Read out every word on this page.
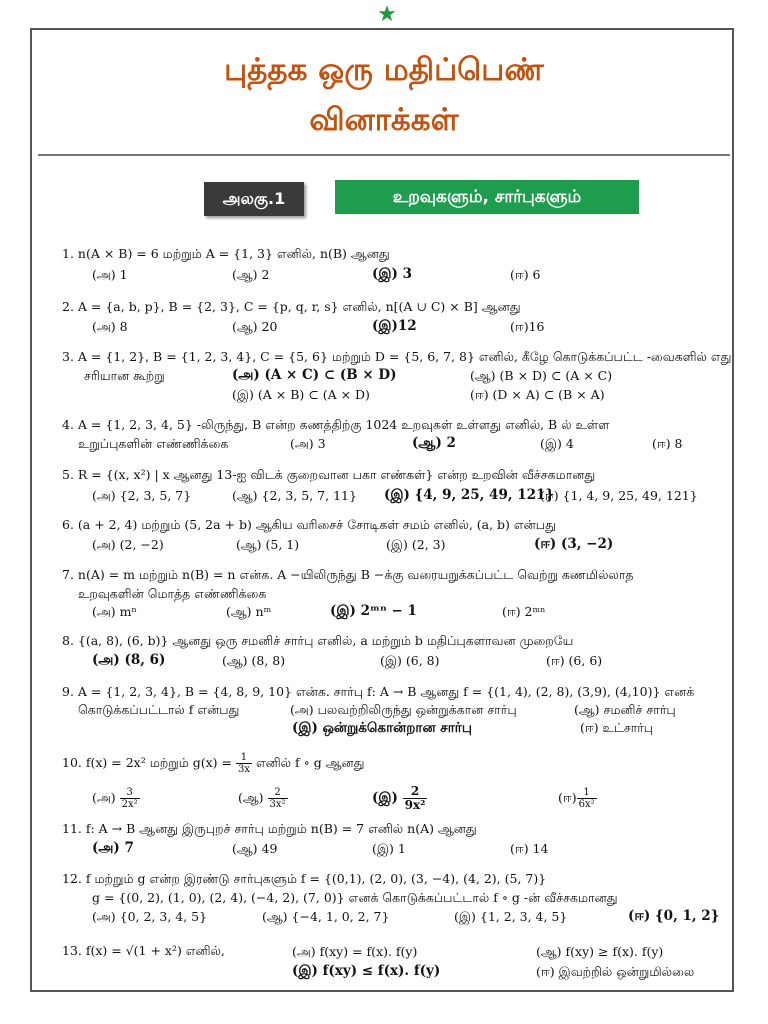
★
புத்தக ஒரு மதிப்பெண்
வினாக்கள்
அலகு.1	உறவுகளும், சார்புகளும்
1. n(A × B) = 6 மற்றும் A = {1, 3} எனில், n(B) ஆனது
(அ) 1	(ஆ) 2	(இ) 3	(ஈ) 6
2. A = {a, b, p}, B = {2, 3}, C = {p, q, r, s} எனில், n[(A ∪ C) × B] ஆனது
(அ) 8	(ஆ) 20	(இ)12	(ஈ)16
3. A = {1, 2}, B = {1, 2, 3, 4}, C = {5, 6} மற்றும் D = {5, 6, 7, 8} எனில், கீழே கொடுக்கப்பட்ட -வைகளில் எது
சரியான கூற்று	(அ) (A × C) ⊂ (B × D)	(ஆ) (B × D) ⊂ (A × C)
(இ) (A × B) ⊂ (A × D)	(ஈ) (D × A) ⊂ (B × A)
4. A = {1, 2, 3, 4, 5} -லிருந்து, B என்ற கணத்திற்கு 1024 உறவுகள் உள்ளது எனில், B ல் உள்ள
உறுப்புகளின் எண்ணிக்கை	(அ) 3	(ஆ) 2	(இ) 4	(ஈ) 8
5. R = {(x, x²) | x ஆனது 13-ஐ விடக் குறைவான பகா எண்கள்} என்ற உறவின் வீச்சகமானது
(அ) {2, 3, 5, 7}	(ஆ) {2, 3, 5, 7, 11} (இ) {4, 9, 25, 49, 121}
(ஈ) {1, 4, 9, 25, 49, 121}
6. (a + 2, 4) மற்றும் (5, 2a + b) ஆகிய வரிசைச் சோடிகள் சமம் எனில், (a, b) என்பது
(அ) (2, −2)	(ஆ) (5, 1)	(இ) (2, 3)	(ஈ) (3, −2)
7. n(A) = m மற்றும் n(B) = n என்க. A −யிலிருந்து B −க்கு வரையறுக்கப்பட்ட வெற்று கணமில்லாத
உறவுகளின் மொத்த எண்ணிக்கை
(அ) mⁿ	(ஆ) nᵐ	(இ) 2ᵐⁿ − 1	(ஈ) 2ᵐⁿ
8. {(a, 8), (6, b)} ஆனது ஒரு சமனிச் சார்பு எனில், a மற்றும் b மதிப்புகளாவன முறையே
(அ) (8, 6)	(ஆ) (8, 8)	(இ) (6, 8)	(ஈ) (6, 6)
9. A = {1, 2, 3, 4}, B = {4, 8, 9, 10} என்க. சார்பு f: A → B ஆனது f = {(1, 4), (2, 8), (3,9), (4,10)} எனக்
கொடுக்கப்பட்டால் f என்பது	(அ) பலவற்றிலிருந்து ஒன்றுக்கான சார்பு	(ஆ) சமனிச் சார்பு
(இ) ஒன்றுக்கொன்றான சார்பு	(ஈ) உட்சார்பு
10. f(x) = 2x² மற்றும் $g(x) = \frac{1}{3x}$ எனில் f ∘ g ஆனது
(அ) $\frac{3}{\text{2x²}}$	(ஆ) $\frac{2}{\text{3x²}}$	(இ) $\frac{2}{\text{9x²}}$	(ஈ) $\frac{1}{\text{6x²}}$
11. f: A → B ஆனது இருபுறச் சார்பு மற்றும் n(B) = 7 எனில் n(A) ஆனது
(அ) 7	(ஆ) 49	(இ) 1	(ஈ) 14
12. f மற்றும் g என்ற இரண்டு சார்புகளும் f = {(0,1), (2, 0), (3, −4), (4, 2), (5, 7)}
g = {(0, 2), (1, 0), (2, 4), (−4, 2), (7, 0)} எனக் கொடுக்கப்பட்டால் f ∘ g -ன் வீச்சகமானது
(அ) {0, 2, 3, 4, 5}	(ஆ) {−4, 1, 0, 2, 7}	(இ) {1, 2, 3, 4, 5}	(ஈ) {0, 1, 2}
13. f(x) = √(1 + x²) எனில்,	(அ) f(xy) = f(x). f(y)	(ஆ) f(xy) ≥ f(x). f(y)
(இ) f(xy) ≤ f(x). f(y)	(ஈ) இவற்றில் ஒன்றுமில்லை
